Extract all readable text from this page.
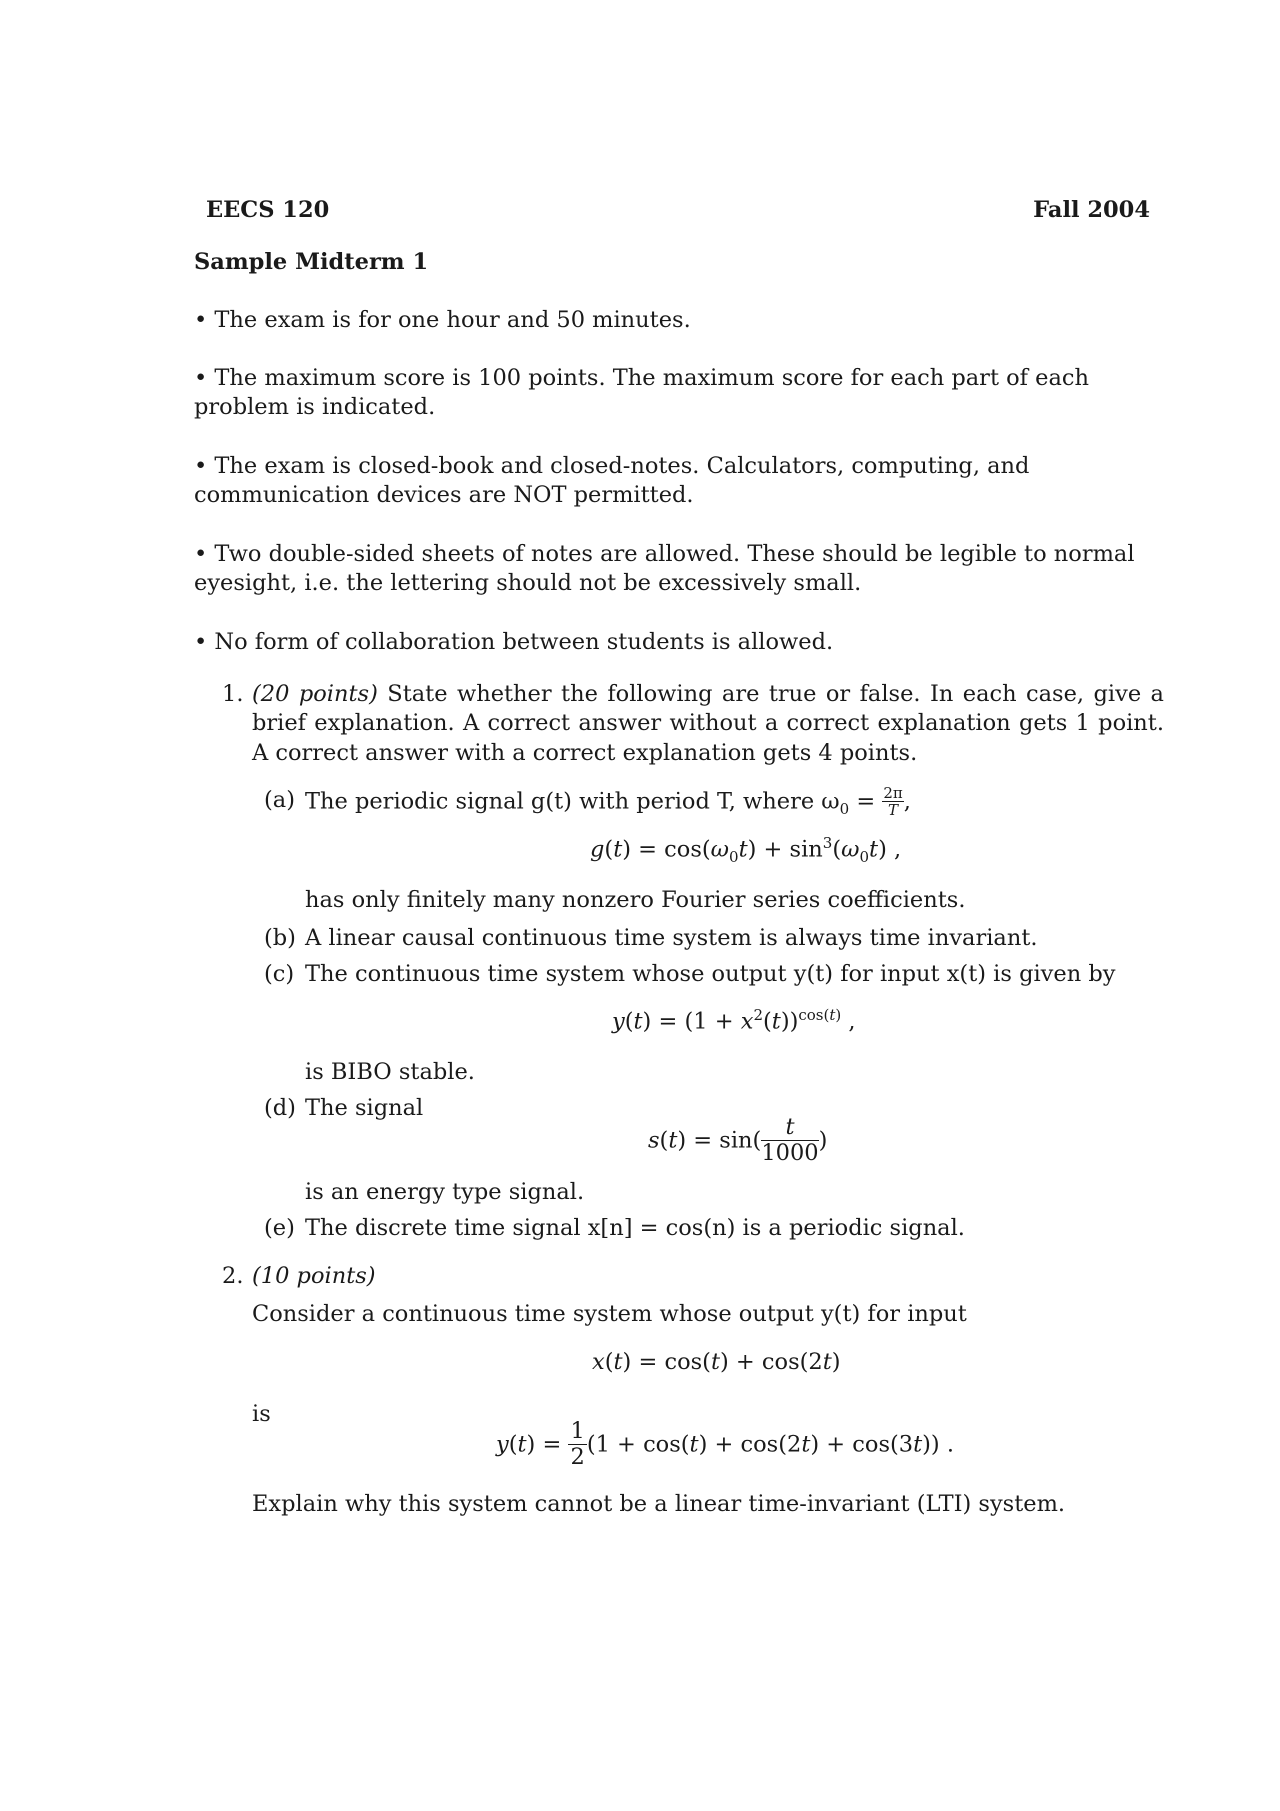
EECS 120	Fall 2004
Sample Midterm 1
• The exam is for one hour and 50 minutes.
• The maximum score is 100 points. The maximum score for each part of each problem is indicated.
• The exam is closed-book and closed-notes. Calculators, computing, and communication devices are NOT permitted.
• Two double-sided sheets of notes are allowed. These should be legible to normal eyesight, i.e. the lettering should not be excessively small.
• No form of collaboration between students is allowed.
1. (20 points) State whether the following are true or false. In each case, give a brief explanation. A correct answer without a correct explanation gets 1 point. A correct answer with a correct explanation gets 4 points.
(a) The periodic signal g(t) with period T, where $\omega_0 = \frac{2\pi}{T}$ ,
$g(t) = \cos(\omega_0t) + \sin^3(\omega_0t)$ ,
has only finitely many nonzero Fourier series coefficients.
(b) A linear causal continuous time system is always time invariant.
(c) The continuous time system whose output y(t) for input x(t) is given by
$y(t) = (1 + x^2(t))^{cos(t)}$ ,
is BIBO stable.
(d) The signal
$s(t) = \sin( \frac{t}{1000}$ )
is an energy type signal.
(e) The discrete time signal x[n] = cos(n) is a periodic signal.
2. (10 points)
Consider a continuous time system whose output y(t) for input
x(t) = cos(t) + cos(2t)
is
$y(t) = \frac{1}{2} (1 + \cos(t) + \cos(2t) + \cos(3t))$ .
Explain why this system cannot be a linear time-invariant (LTI) system.
